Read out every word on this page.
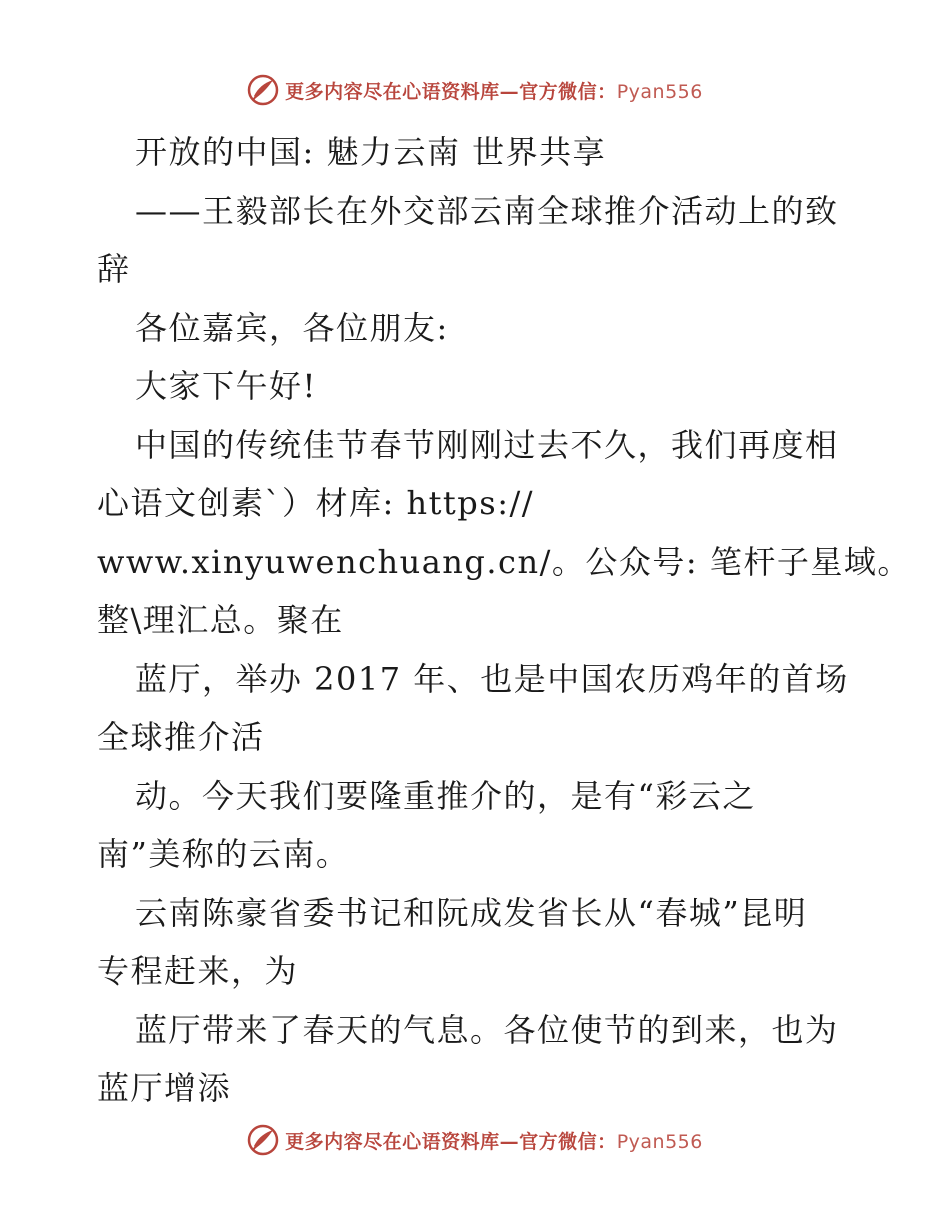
更多内容尽在心语资料库—官方微信：Pyan556
开放的中国: 魅力云南 世界共享
——王毅部长在外交部云南全球推介活动上的致
辞
各位嘉宾，各位朋友:
大家下午好!
中国的传统佳节春节刚刚过去不久，我们再度相
心语文创素`）材库: https://
www.xinyuwenchuang.cn/。公众号: 笔杆子星域。
整\理汇总。聚在
蓝厅，举办 2017 年、也是中国农历鸡年的首场
全球推介活
动。今天我们要隆重推介的，是有“彩云之
南”美称的云南。
云南陈豪省委书记和阮成发省长从“春城”昆明
专程赶来，为
蓝厅带来了春天的气息。各位使节的到来，也为
蓝厅增添
更多内容尽在心语资料库—官方微信：Pyan556
